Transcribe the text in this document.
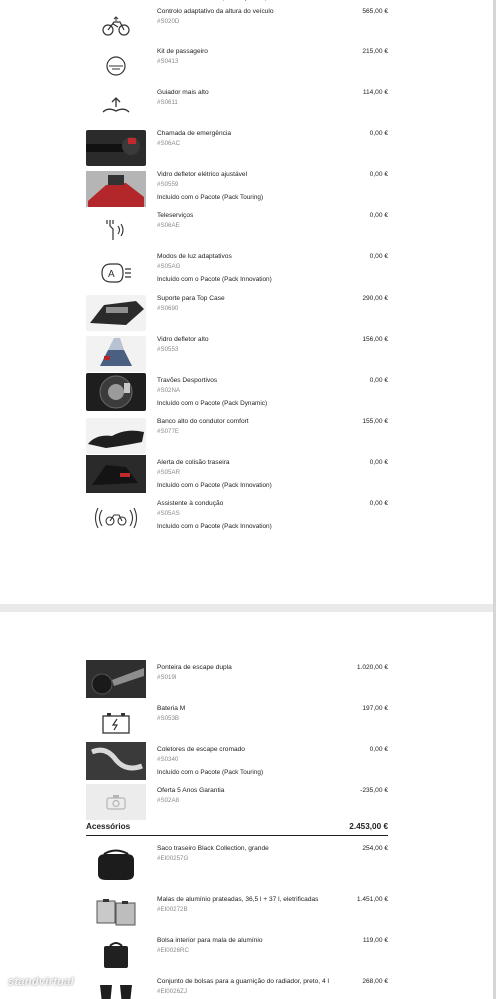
Controlo adaptativo da altura do veículo
#S020D
565,00 €
Kit de passageiro
#S0413
215,00 €
Guiador mais alto
#S0611
114,00 €
Chamada de emergência
#S06AC
0,00 €
Vidro defletor elétrico ajustável
#S0559
Incluído com o Pacote (Pack Touring)
0,00 €
Teleserviços
#S06AE
0,00 €
A
Modos de luz adaptativos
#S05AG
Incluído com o Pacote (Pack Innovation)
0,00 €
Suporte para Top Case
#S0690
290,00 €
Vidro defletor alto
#S0553
156,00 €
Travões Desportivos
#S02NA
Incluído com o Pacote (Pack Dynamic)
0,00 €
Banco alto do condutor comfort
#S077E
155,00 €
Alerta de colisão traseira
#S05AR
Incluído com o Pacote (Pack Innovation)
0,00 €
Assistente à condução
#S05AS
Incluído com o Pacote (Pack Innovation)
0,00 €
Ponteira de escape dupla
#S019I
1.020,00 €
Bateria M
#S053B
197,00 €
Coletores de escape cromado
#S0340
Incluído com o Pacote (Pack Touring)
0,00 €
Oferta 5 Anos Garantia
#S02A8
-235,00 €
Acessórios	2.453,00 €
Saco traseiro Black Collection, grande
#EI00257G
254,00 €
Malas de alumínio prateadas, 36,5 l + 37 l, eletrificadas
#EI00272B
1.451,00 €
Bolsa interior para mala de alumínio
#EI0026RC
119,00 €
Conjunto de bolsas para a guarnição do radiador, preto, 4 l
#EI0026ZJ
268,00 €
standvirtual
